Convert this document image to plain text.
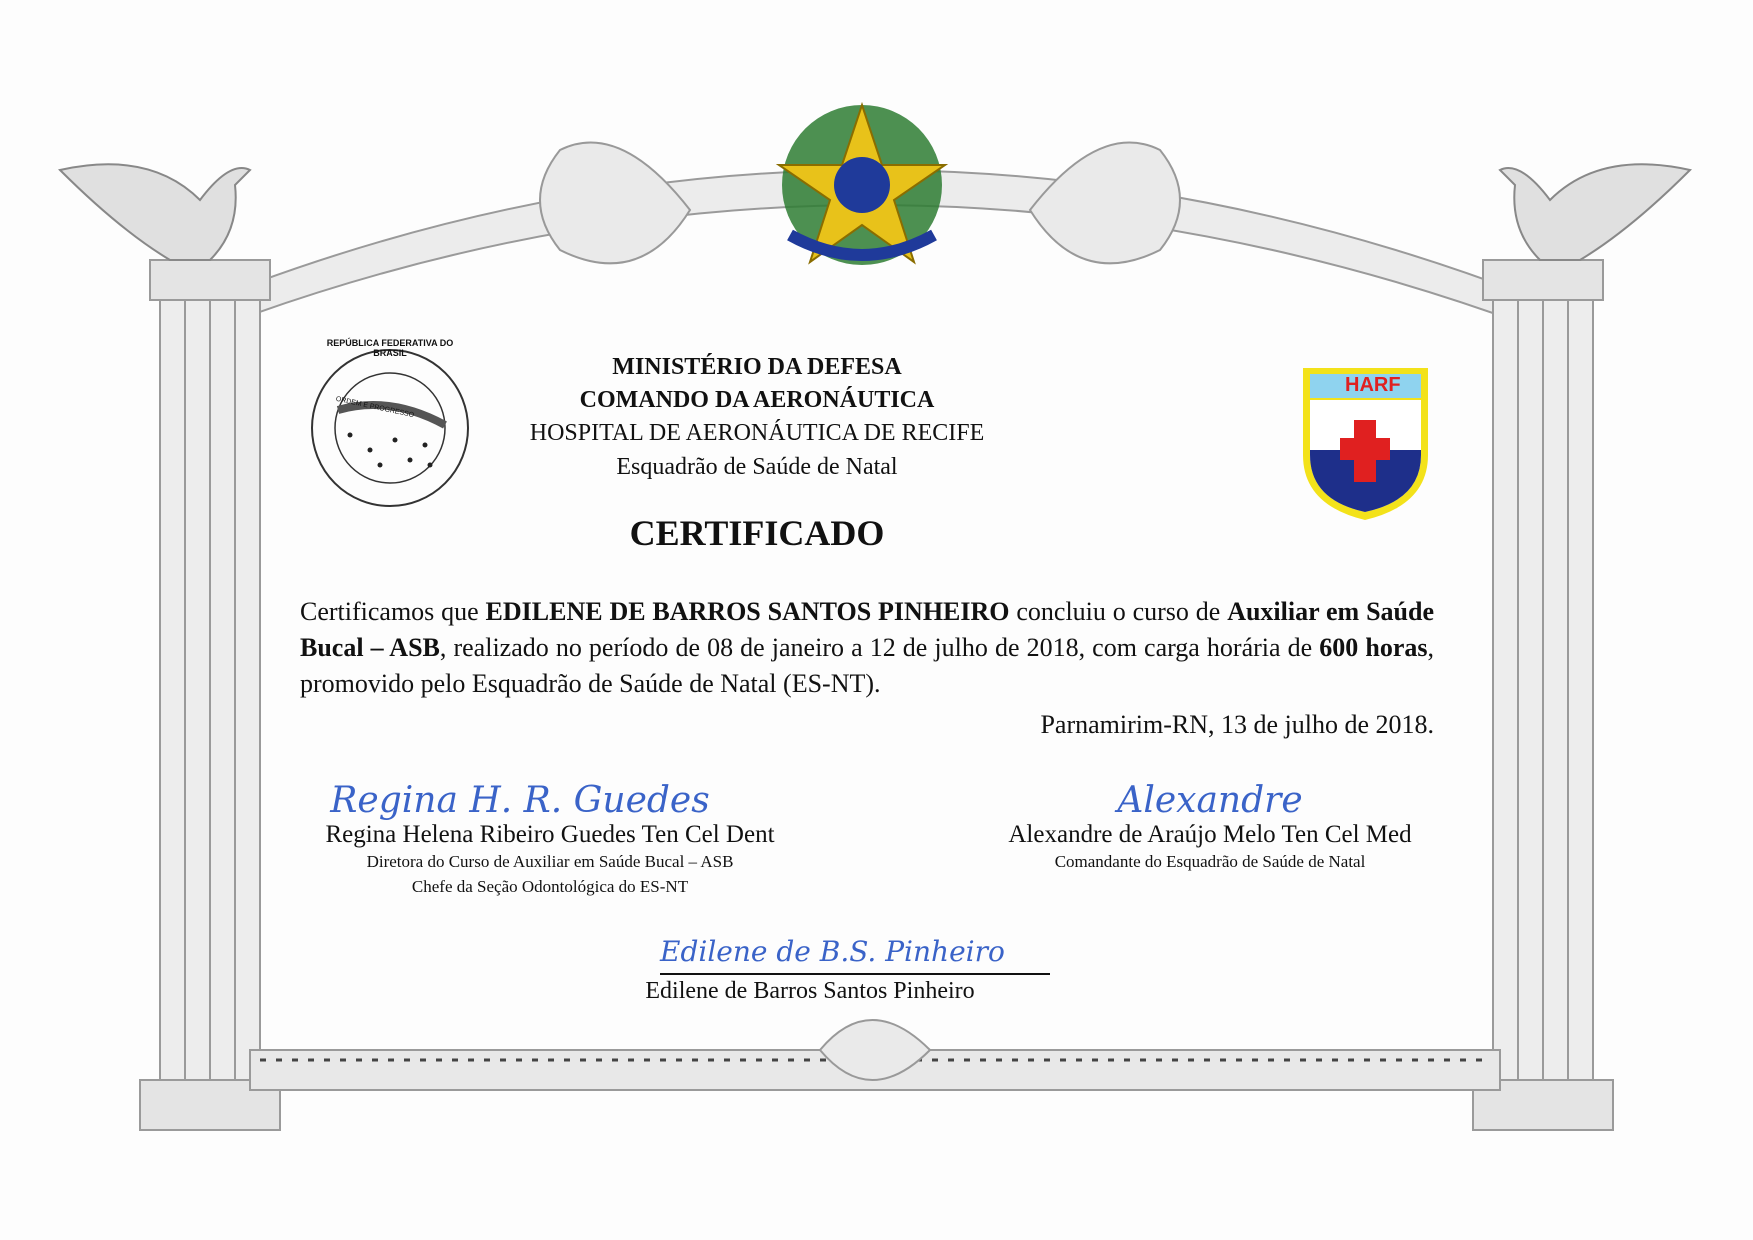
HARF
ORDEM E PROGRESSO
REPÚBLICA FEDERATIVA DO BRASIL
MINISTÉRIO DA DEFESA
COMANDO DA AERONÁUTICA
HOSPITAL DE AERONÁUTICA DE RECIFE
Esquadrão de Saúde de Natal
CERTIFICADO
Certificamos que EDILENE DE BARROS SANTOS PINHEIRO concluiu o curso de Auxiliar em Saúde Bucal – ASB, realizado no período de 08 de janeiro a 12 de julho de 2018, com carga horária de 600 horas, promovido pelo Esquadrão de Saúde de Natal (ES-NT).
Parnamirim-RN, 13 de julho de 2018.
Regina H. R. Guedes
Regina Helena Ribeiro Guedes Ten Cel Dent
Diretora do Curso de Auxiliar em Saúde Bucal – ASB
Chefe da Seção Odontológica do ES-NT
Alexandre
Alexandre de Araújo Melo Ten Cel Med
Comandante do Esquadrão de Saúde de Natal
Edilene de B.S. Pinheiro
Edilene de Barros Santos Pinheiro
